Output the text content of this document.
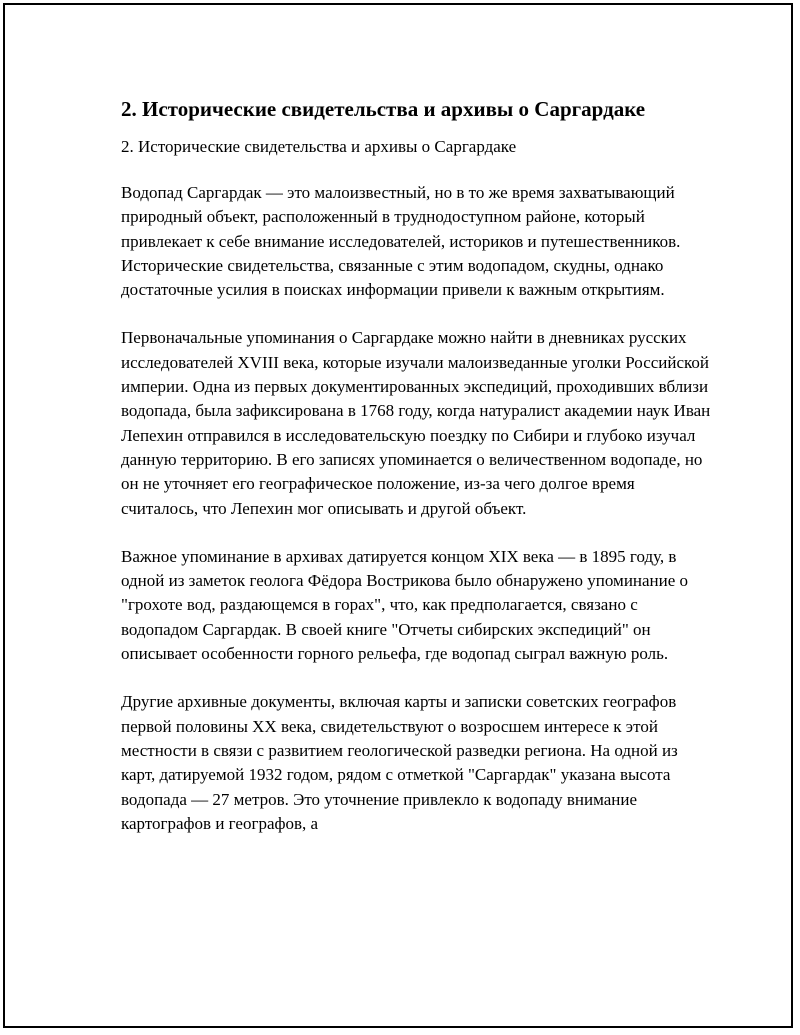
2. Исторические свидетельства и архивы о Саргардаке

2. Исторические свидетельства и архивы о Саргардаке

Водопад Саргардак — это малоизвестный, но в то же время захватывающий природный объект, расположенный в труднодоступном районе, который привлекает к себе внимание исследователей, историков и путешественников. Исторические свидетельства, связанные с этим водопадом, скудны, однако достаточные усилия в поисках информации привели к важным открытиям.

Первоначальные упоминания о Саргардаке можно найти в дневниках русских исследователей XVIII века, которые изучали малоизведанные уголки Российской империи. Одна из первых документированных экспедиций, проходивших вблизи водопада, была зафиксирована в 1768 году, когда натуралист академии наук Иван Лепехин отправился в исследовательскую поездку по Сибири и глубоко изучал данную территорию. В его записях упоминается о величественном водопаде, но он не уточняет его географическое положение, из-за чего долгое время считалось, что Лепехин мог описывать и другой объект.

Важное упоминание в архивах датируется концом XIX века — в 1895 году, в одной из заметок геолога Фёдора Вострикова было обнаружено упоминание о "грохоте вод, раздающемся в горах", что, как предполагается, связано с водопадом Саргардак. В своей книге "Отчеты сибирских экспедиций" он описывает особенности горного рельефа, где водопад сыграл важную роль.

Другие архивные документы, включая карты и записки советских географов первой половины XX века, свидетельствуют о возросшем интересе к этой местности в связи с развитием геологической разведки региона. На одной из карт, датируемой 1932 годом, рядом с отметкой "Саргардак" указана высота водопада — 27 метров. Это уточнение привлекло к водопаду внимание картографов и географов, а
